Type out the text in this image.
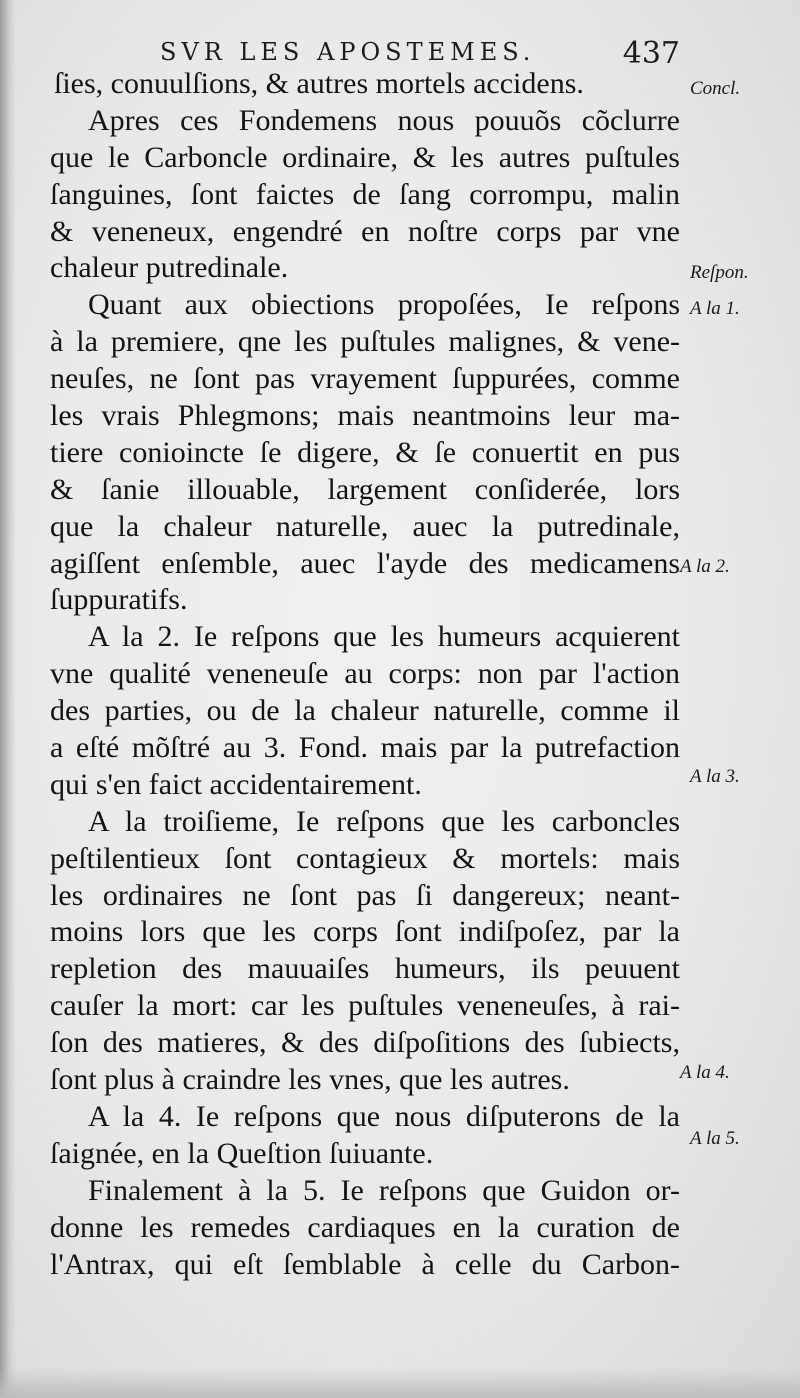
SVR LES APOSTEMES.	437
ſies, conuulſions, & autres mortels accidens.
Apres ces Fondemens nous pouuõs cõclurre
que le Carboncle ordinaire, & les autres puſtules
ſanguines, ſont faictes de ſang corrompu, malin
& veneneux, engendré en noſtre corps par vne
chaleur putredinale.
Quant aux obiections propoſées, Ie reſpons
à la premiere, qne les puſtules malignes, & vene-
neuſes, ne ſont pas vrayement ſuppurées, comme
les vrais Phlegmons; mais neantmoins leur ma-
tiere conioincte ſe digere, & ſe conuertit en pus
& ſanie illouable, largement conſiderée, lors
que la chaleur naturelle, auec la putredinale,
agiſſent enſemble, auec l'ayde des medicamens
ſuppuratifs.
A la 2. Ie reſpons que les humeurs acquierent
vne qualité veneneuſe au corps: non par l'action
des parties, ou de la chaleur naturelle, comme il
a eſté mõſtré au 3. Fond. mais par la putrefaction
qui s'en faict accidentairement.
A la troiſieme, Ie reſpons que les carboncles
peſtilentieux ſont contagieux & mortels: mais
les ordinaires ne ſont pas ſi dangereux; neant-
moins lors que les corps ſont indiſpoſez, par la
repletion des mauuaiſes humeurs, ils peuuent
cauſer la mort: car les puſtules veneneuſes, à rai-
ſon des matieres, & des diſpoſitions des ſubiects,
ſont plus à craindre les vnes, que les autres.
A la 4. Ie reſpons que nous diſputerons de la
ſaignée, en la Queſtion ſuiuante.
Finalement à la 5. Ie reſpons que Guidon or-
donne les remedes cardiaques en la curation de
l'Antrax, qui eſt ſemblable à celle du Carbon-
Concl.
Reſpon.
A la 1.
A la 2.
A la 3.
A la 4.
A la 5.
